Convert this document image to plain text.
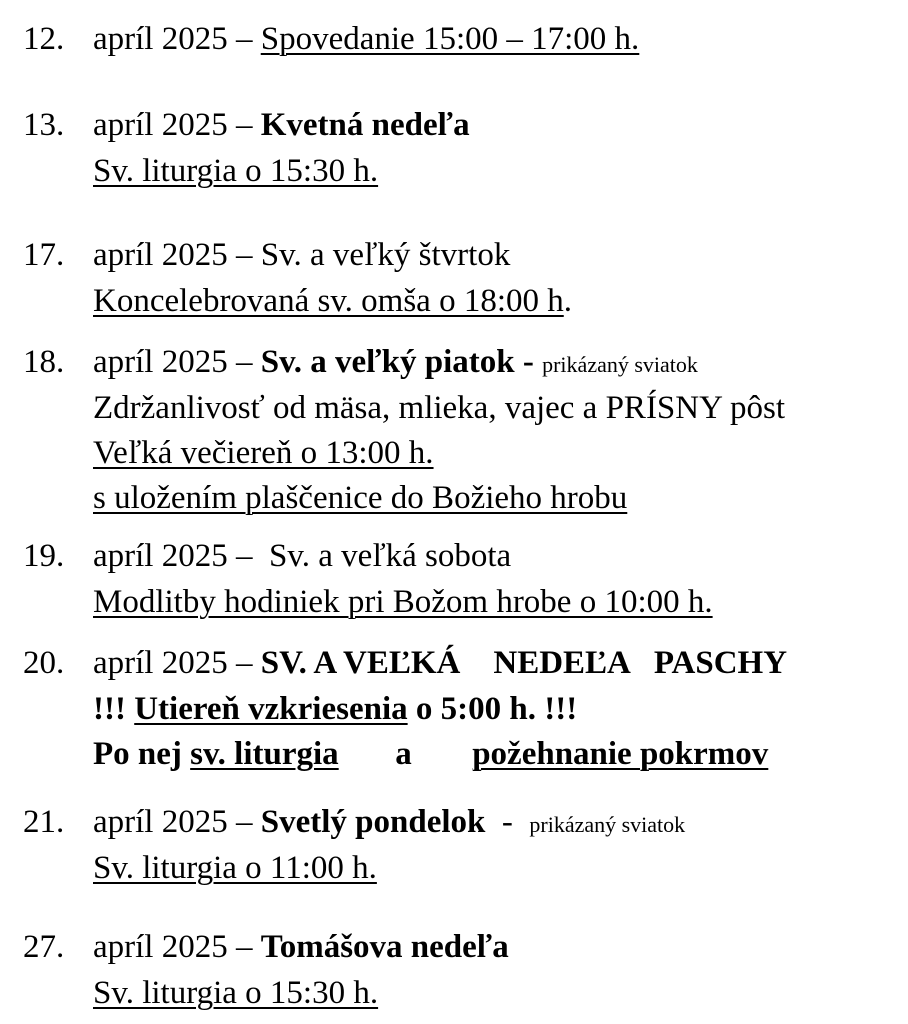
12. apríl 2025 – Spovedanie 15:00 – 17:00 h.
13. apríl 2025 – Kvetná nedeľa
Sv. liturgia o 15:30 h.
17. apríl 2025 – Sv. a veľký štvrtok
Koncelebrovaná sv. omša o 18:00 h.
18. apríl 2025 – Sv. a veľký piatok - prikázaný sviatok
Zdržanlivosť od mäsa, mlieka, vajec a PRÍSNY pôst
Veľká večiereň o 13:00 h.
s uložením plaščenice do Božieho hrobu
19. apríl 2025 – Sv. a veľká sobota
Modlitby hodiniek pri Božom hrobe o 10:00 h.
20. apríl 2025 – SV. A VEĽKÁ    NEDEĽA   PASCHY
!!! Utiereň vzkriesenia o 5:00 h. !!!
Po nej sv. liturgia a požehnanie pokrmov
21. apríl 2025 – Svetlý pondelok - prikázaný sviatok
Sv. liturgia o 11:00 h.
27. apríl 2025 – Tomášova nedeľa
Sv. liturgia o 15:30 h.
